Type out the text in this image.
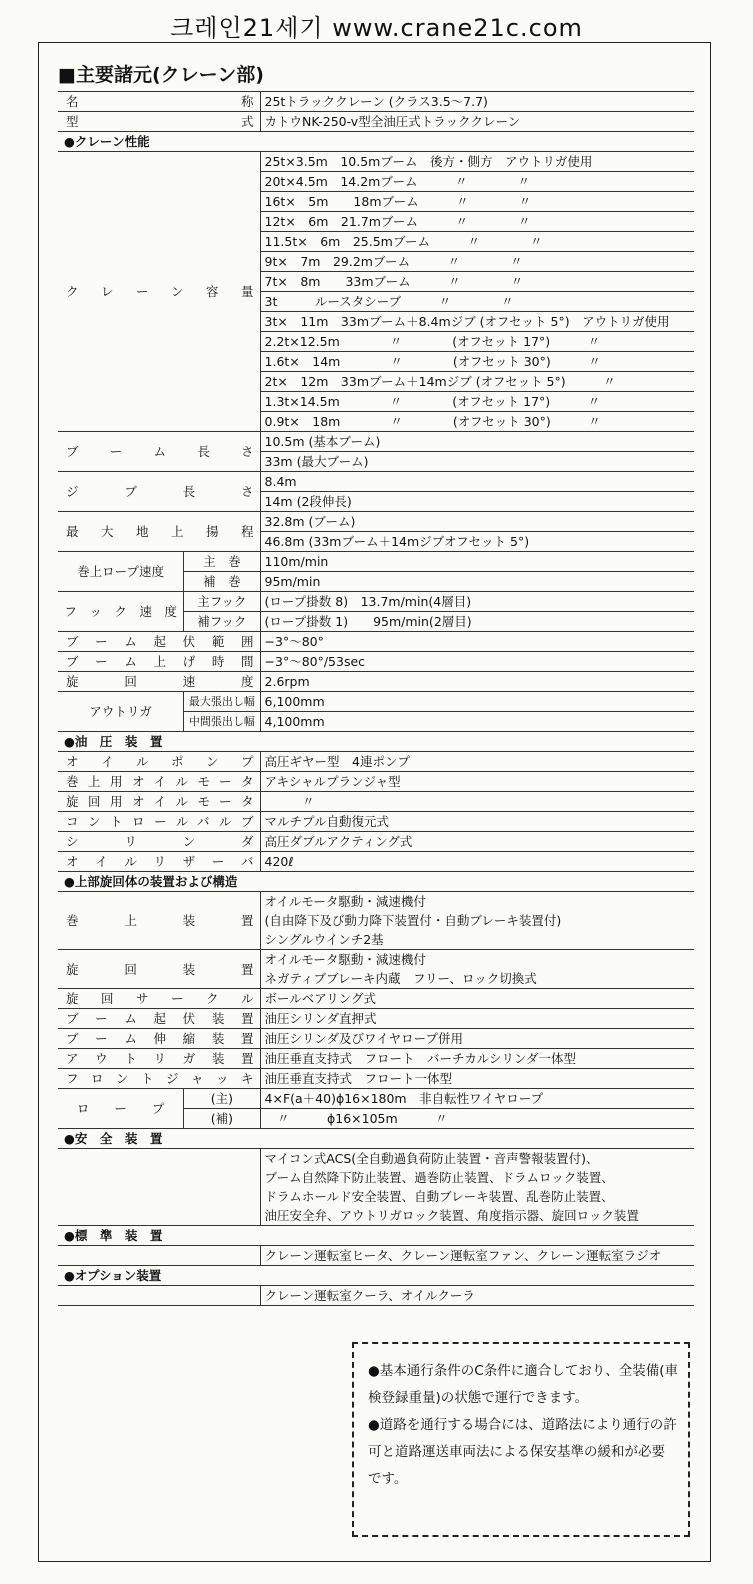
크레인21세기 www.crane21c.com
■主要諸元(クレーン部)
名　　　　　　　　称		25tトラッククレーン (クラス3.5〜7.7)
型　　　　　　　　式		カトウNK-250-v型全油圧式トラッククレーン
●クレーン性能		
ク　レ　ー　ン　容　量		25t×3.5m　10.5mブーム　後方・側方　アウトリガ使用
		20t×4.5m　14.2mブーム　　　〃　　　　〃
		16t×　5m　　18mブーム　　　〃　　　　〃
		12t×　6m　21.7mブーム　　　〃　　　　〃
		11.5t×　6m　25.5mブーム　　　〃　　　　〃
		9t×　7m　29.2mブーム　　　〃　　　　〃
		7t×　8m　　33mブーム　　　〃　　　　〃
		3t　　　ルースタシーブ　　　〃　　　　〃
		3t×　11m　33mブーム＋8.4mジブ (オフセット 5°)　アウトリガ使用
		2.2t×12.5m　　　　〃　　　　(オフセット 17°)　　　〃
		1.6t×　14m　　　　〃　　　　(オフセット 30°)　　　〃
		2t×　12m　33mブーム＋14mジブ (オフセット 5°)　　　〃
		1.3t×14.5m　　　　〃　　　　(オフセット 17°)　　　〃
		0.9t×　18m　　　　〃　　　　(オフセット 30°)　　　〃
ブ　ー　ム　長　さ		10.5m (基本ブーム)
		33m (最大ブーム)
ジ　ブ　長　さ		8.4m
		14m (2段伸長)
最　大　地　上　揚　程		32.8m (ブーム)
		46.8m (33mブーム＋14mジブオフセット 5°)
巻上ロープ速度	主　巻	110m/min
	補　巻	95m/min
フ　ッ　ク　速　度	主フック	(ロープ掛数 8)　13.7m/min(4層目)
	補フック	(ロープ掛数 1)　　95m/min(2層目)
ブ　ー　ム　起　伏　範　囲		−3°〜80°
ブ　ー　ム　上　げ　時　間		−3°〜80°/53sec
旋　　回　　速　　度		2.6rpm
アウトリガ	最大張出し幅	6,100mm
	中間張出し幅	4,100mm
●油　圧　装　置		
オ イ ル ポ ン プ		高圧ギヤー型　4連ポンプ
巻上用オイルモータ		アキシャルプランジャ型
旋回用オイルモータ		　　　〃
コントロールバルブ		マルチプル自動復元式
シ　　リ　　ン　　ダ		高圧ダブルアクティング式
オ イ ル リ ザ ー バ		420ℓ
●上部旋回体の装置および構造		
巻　　上　　装　　置		オイルモータ駆動・減速機付
		(自由降下及び動力降下装置付・自動ブレーキ装置付)
		シングルウインチ2基
旋　　回　　装　　置		オイルモータ駆動・減速機付
		ネガティブブレーキ内蔵　フリー、ロック切換式
旋　回　サ　ー　ク　ル		ボールベアリング式
ブ　ー　ム　起　伏　装　置		油圧シリンダ直押式
ブ　ー　ム　伸　縮　装　置		油圧シリンダ及びワイヤロープ併用
ア　ウ　ト　リ　ガ　装　置		油圧垂直支持式　フロート　バーチカルシリンダ一体型
フ　ロ　ン　ト　ジ　ャ　ッ　キ		油圧垂直支持式　フロート一体型
ロ　　ー　　プ	(主)	4×F(a＋40)ϕ16×180m　非自転性ワイヤロープ
	(補)	　〃　　　ϕ16×105m　　　〃
●安　全　装　置		
		マイコン式ACS(全自動過負荷防止装置・音声警報装置付)、
		ブーム自然降下防止装置、過巻防止装置、ドラムロック装置、
		ドラムホールド安全装置、自動ブレーキ装置、乱巻防止装置、
		油圧安全弁、アウトリガロック装置、角度指示器、旋回ロック装置
●標　準　装　置		
		クレーン運転室ヒータ、クレーン運転室ファン、クレーン運転室ラジオ
●オプション装置		
		クレーン運転室クーラ、オイルクーラ

●基本通行条件のC条件に適合しており、全装備(車検登録重量)の状態で運行できます。

●道路を通行する場合には、道路法により通行の許可と道路運送車両法による保安基準の緩和が必要です。
